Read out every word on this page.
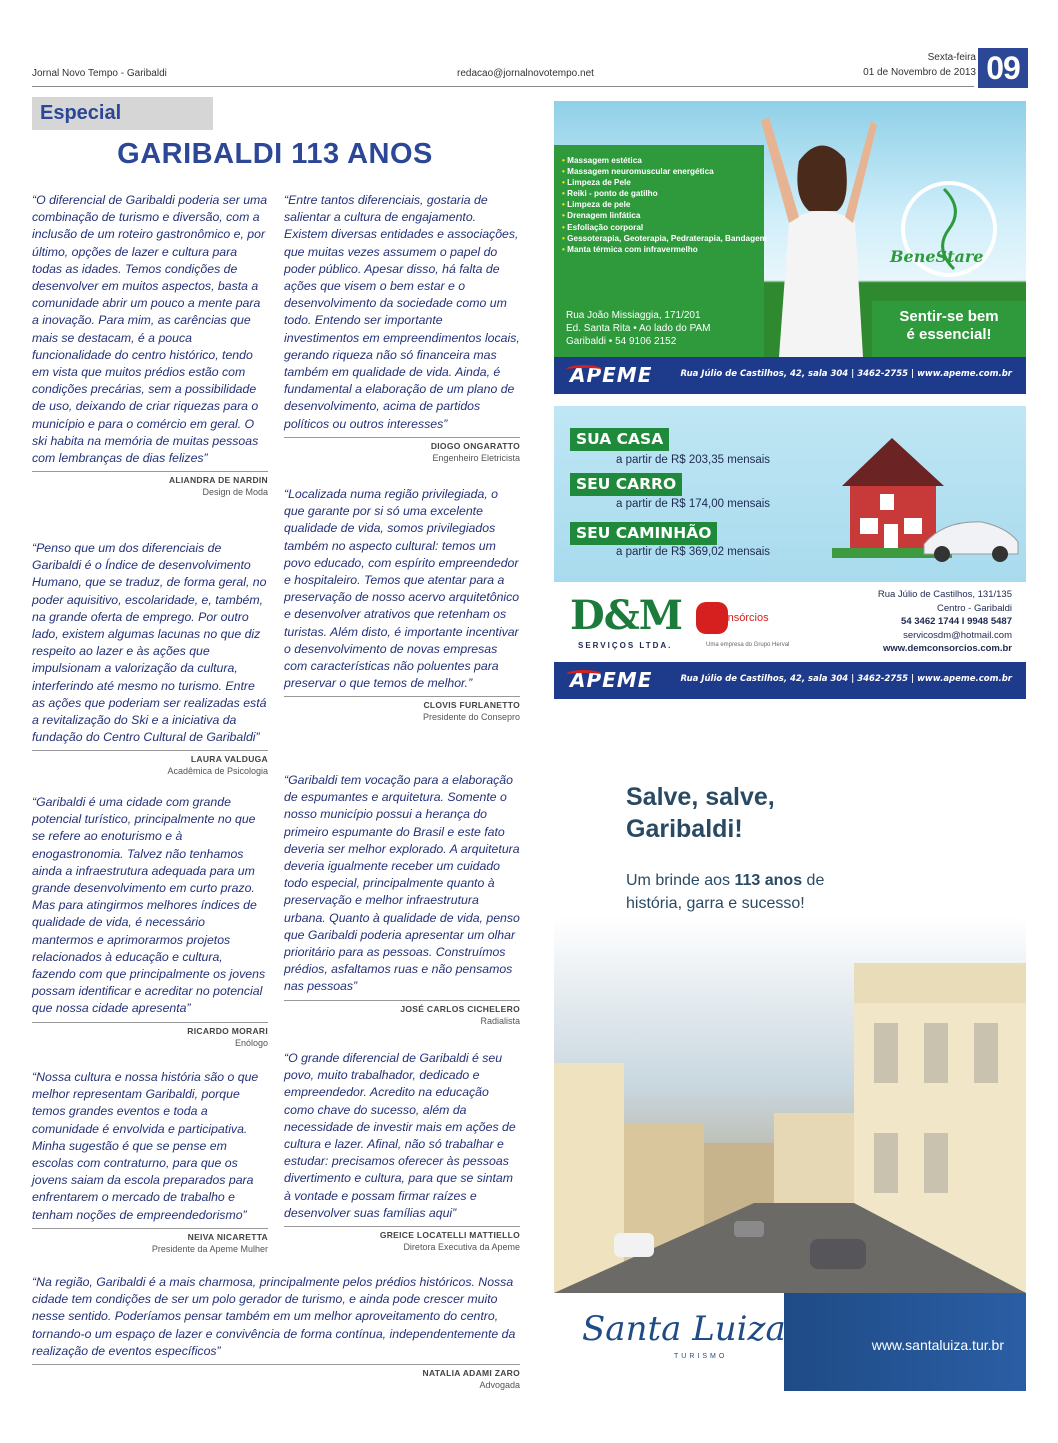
Jornal Novo Tempo - Garibaldi	redacao@jornalnovotempo.net
Sexta-feira
01 de Novembro de 2013 09
Especial
GARIBALDI 113 ANOS
“O diferencial de Garibaldi poderia ser uma combinação de turismo e diversão, com a inclusão de um roteiro gastronômico e, por último, opções de lazer e cultura para todas as idades. Temos condições de desenvolver em muitos aspectos, basta a comunidade abrir um pouco a mente para a inovação. Para mim, as carências que mais se destacam, é a pouca funcionalidade do centro histórico, tendo em vista que muitos prédios estão com condições precárias, sem a possibilidade de uso, deixando de criar riquezas para o município e para o comércio em geral. O ski habita na memória de muitas pessoas com lembranças de dias felizes”
ALIANDRA DE NARDIN
Design de Moda
“Penso que um dos diferenciais de Garibaldi é o Índice de desenvolvimento Humano, que se traduz, de forma geral, no poder aquisitivo, escolaridade, e, também, na grande oferta de emprego. Por outro lado, existem algumas lacunas no que diz respeito ao lazer e às ações que impulsionam a valorização da cultura, interferindo até mesmo no turismo. Entre as ações que poderiam ser realizadas está a revitalização do Ski e a iniciativa da fundação do Centro Cultural de Garibaldi”
LAURA VALDUGA
Acadêmica de Psicologia
“Garibaldi é uma cidade com grande potencial turístico, principalmente no que se refere ao enoturismo e à enogastronomia. Talvez não tenhamos ainda a infraestrutura adequada para um grande desenvolvimento em curto prazo. Mas para atingirmos melhores índices de qualidade de vida, é necessário mantermos e aprimorarmos projetos relacionados à educação e cultura, fazendo com que principalmente os jovens possam identificar e acreditar no potencial que nossa cidade apresenta”
RICARDO MORARI
Enólogo
“Nossa cultura e nossa história são o que melhor representam Garibaldi, porque temos grandes eventos e toda a comunidade é envolvida e participativa. Minha sugestão é que se pense em escolas com contraturno, para que os jovens saiam da escola preparados para enfrentarem o mercado de trabalho e tenham noções de empreendedorismo”
NEIVA NICARETTA
Presidente da Apeme Mulher
“Entre tantos diferenciais, gostaria de salientar a cultura de engajamento. Existem diversas entidades e associações, que muitas vezes assumem o papel do poder público. Apesar disso, há falta de ações que visem o bem estar e o desenvolvimento da sociedade como um todo. Entendo ser importante investimentos em empreendimentos locais, gerando riqueza não só financeira mas também em qualidade de vida. Ainda, é fundamental a elaboração de um plano de desenvolvimento, acima de partidos políticos ou outros interesses”
DIOGO ONGARATTO
Engenheiro Eletricista
“Localizada numa região privilegiada, o que garante por si só uma excelente qualidade de vida, somos privilegiados também no aspecto cultural: temos um povo educado, com espírito empreendedor e hospitaleiro. Temos que atentar para a preservação de nosso acervo arquitetônico e desenvolver atrativos que retenham os turistas. Além disto, é importante incentivar o desenvolvimento de novas empresas com características não poluentes para preservar o que temos de melhor.”
CLOVIS FURLANETTO
Presidente do Consepro
“Garibaldi tem vocação para a elaboração de espumantes e arquitetura. Somente o nosso município possui a herança do primeiro espumante do Brasil e este fato deveria ser melhor explorado. A arquitetura deveria igualmente receber um cuidado todo especial, principalmente quanto à preservação e melhor infraestrutura urbana. Quanto à qualidade de vida, penso que Garibaldi poderia apresentar um olhar prioritário para as pessoas. Construímos prédios, asfaltamos ruas e não pensamos nas pessoas”
JOSÉ CARLOS CICHELERO
Radialista
“O grande diferencial de Garibaldi é seu povo, muito trabalhador, dedicado e empreendedor. Acredito na educação como chave do sucesso, além da necessidade de investir mais em ações de cultura e lazer. Afinal, não só trabalhar e estudar: precisamos oferecer às pessoas divertimento e cultura, para que se sintam à vontade e possam firmar raízes e desenvolver suas famílias aqui”
GREICE LOCATELLI MATTIELLO
Diretora Executiva da Apeme
“Na região, Garibaldi é a mais charmosa, principalmente pelos prédios históricos. Nossa cidade tem condições de ser um polo gerador de turismo, e ainda pode crescer muito nesse sentido. Poderíamos pensar também em um melhor aproveitamento do centro, tornando-o um espaço de lazer e convivência de forma contínua, independentemente da realização de eventos específicos”
NATALIA ADAMI ZARO
Advogada
BeneStare
• Massagem estética
• Massagem neuromuscular energética
• Limpeza de Pele
• Reiki - ponto de gatilho
• Limpeza de pele
• Drenagem linfática
• Esfoliação corporal
• Gessoterapia, Geoterapia, Pedraterapia, Bandagem
• Manta térmica com infravermelho
Rua João Missiaggia, 171/201
Ed. Santa Rita • Ao lado do PAM
Garibaldi • 54 9106 2152
Sentir-se bem
é essencial!
APEME	Rua Júlio de Castilhos, 42, sala 304 | 3462-2755 | www.apeme.com.br
SUA CASA
a partir de R$ 203,35 mensais
SEU CARRO
a partir de R$ 174,00 mensais
SEU CAMINHÃO
a partir de R$ 369,02 mensais
D&M
SERVIÇOS LTDA.
consórcios
Uma empresa do Grupo Herval
Rua Júlio de Castilhos, 131/135
Centro - Garibaldi
54 3462 1744 I 9948 5487
servicosdm@hotmail.com
www.demconsorcios.com.br
APEME	Rua Júlio de Castilhos, 42, sala 304 | 3462-2755 | www.apeme.com.br
Salve, salve,
Garibaldi!
Um brinde aos 113 anos de
história, garra e sucesso!
Santa Luiza
TURISMO
www.santaluiza.tur.br
